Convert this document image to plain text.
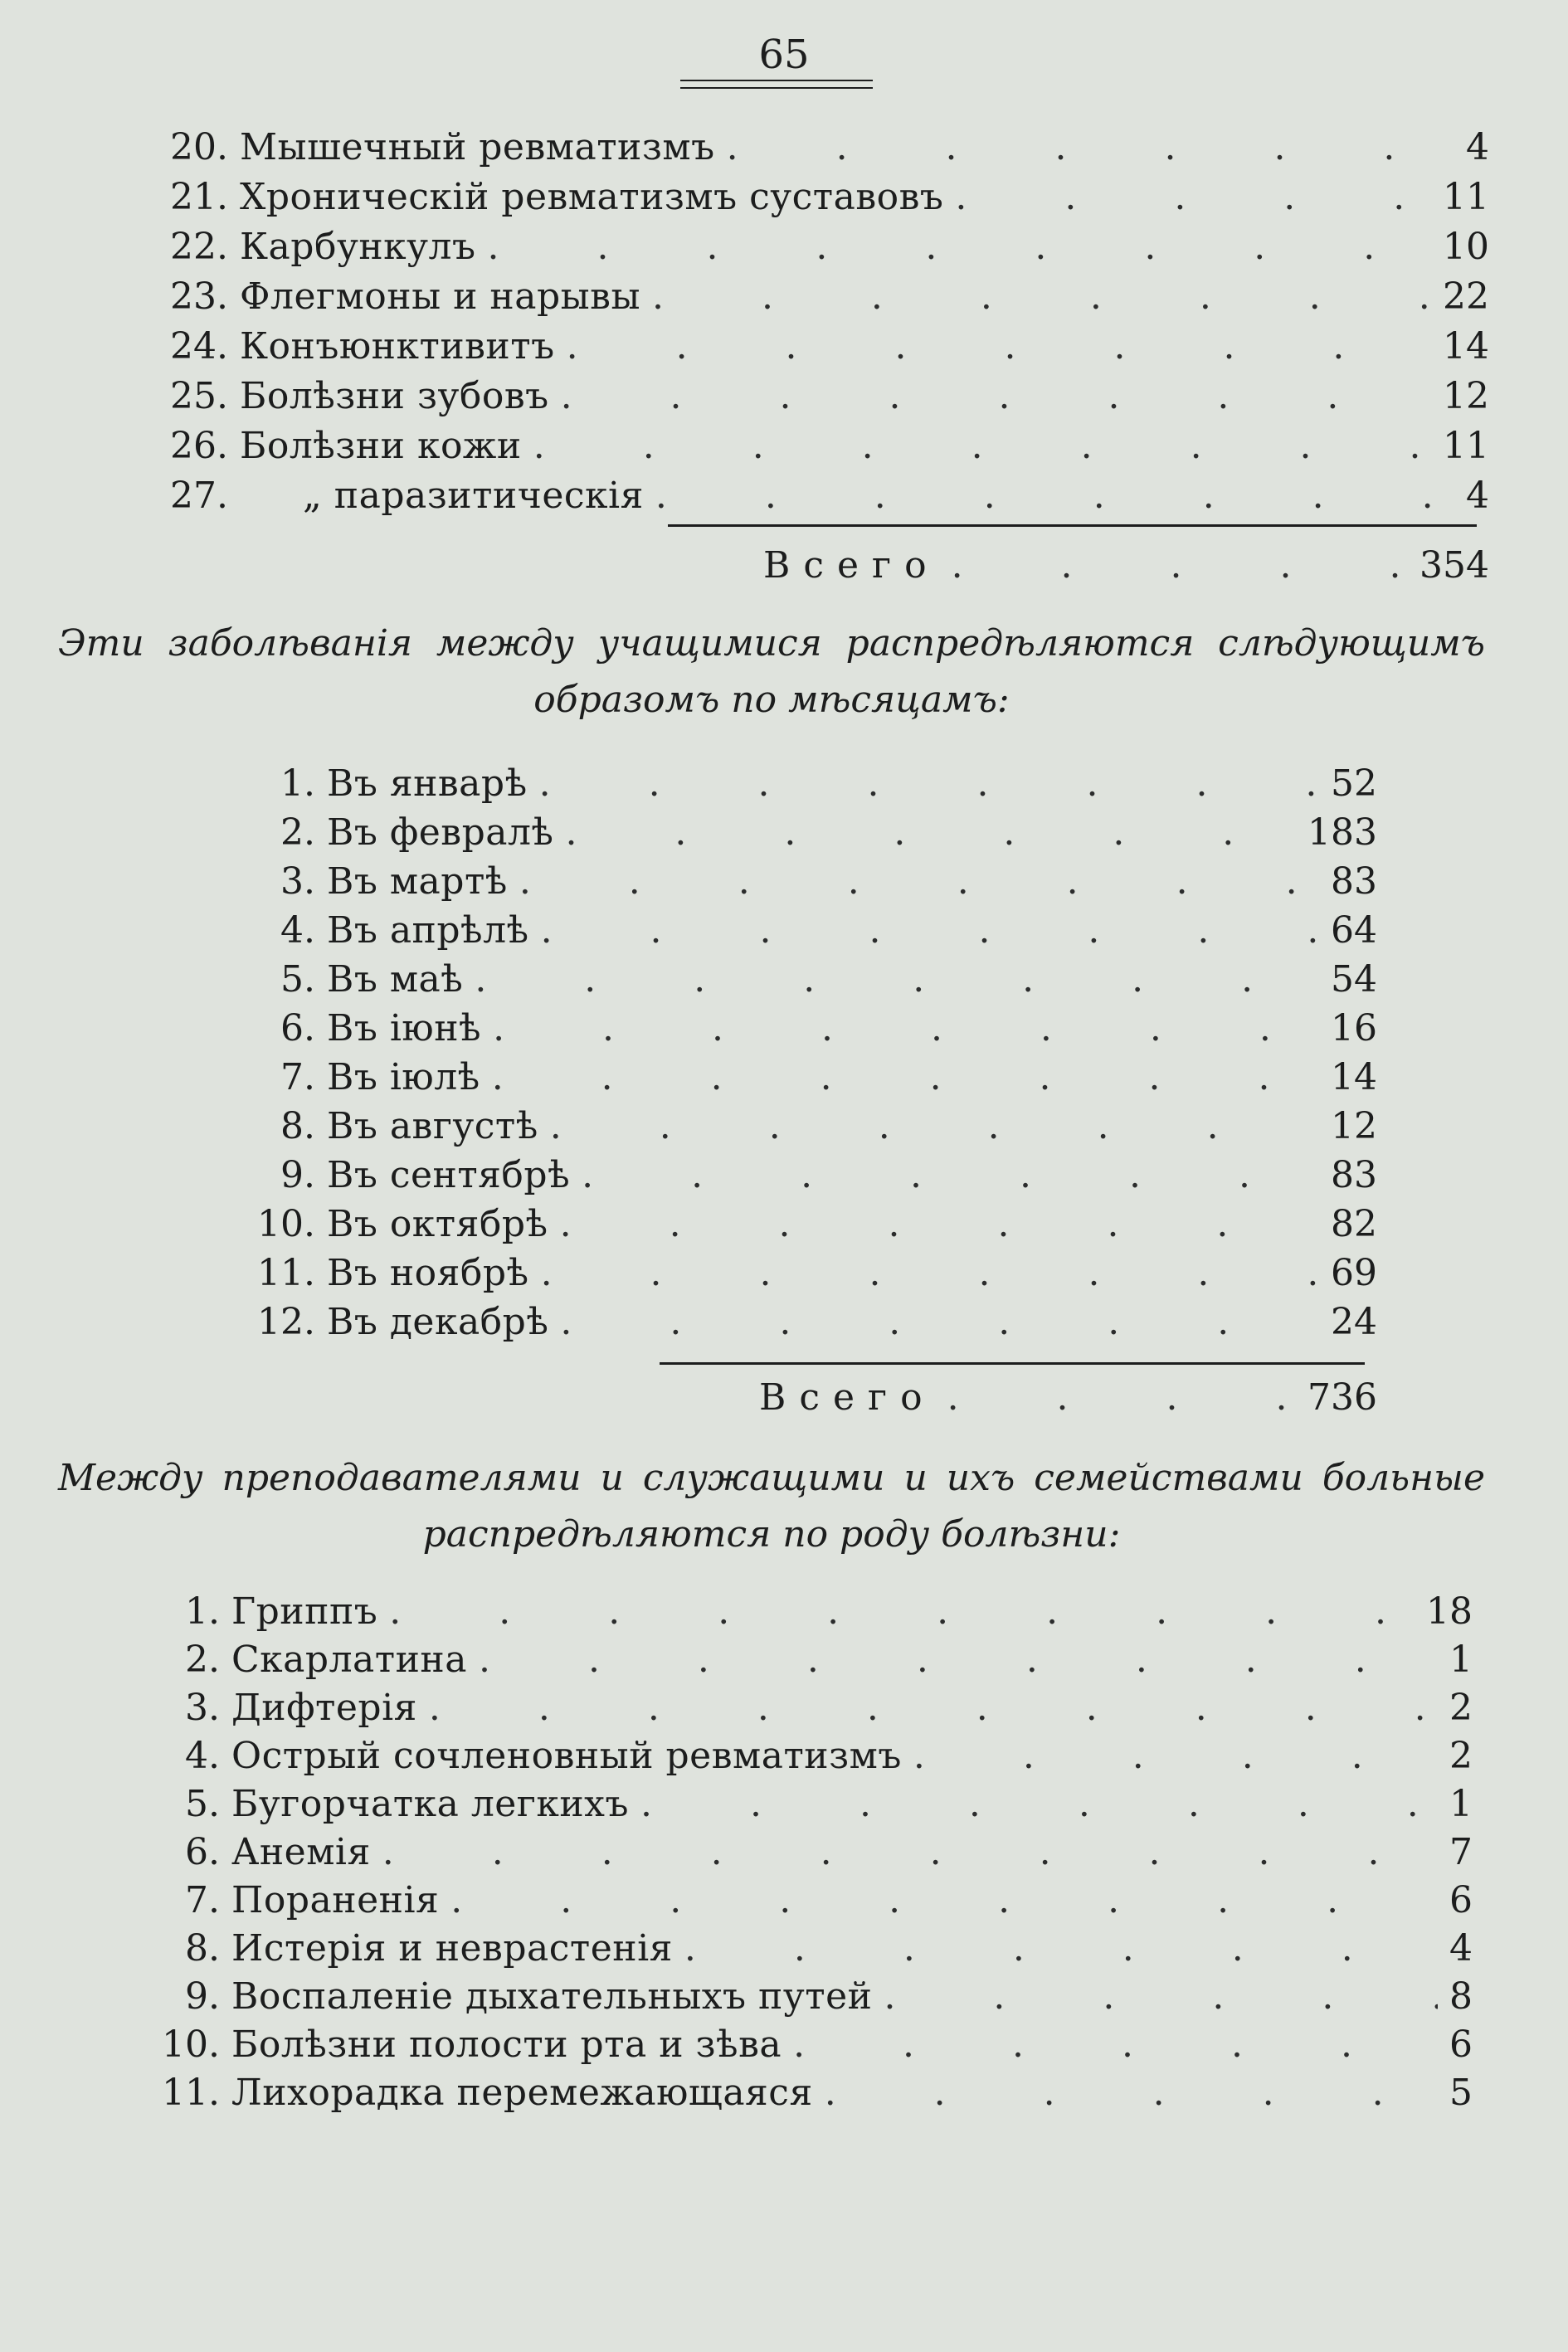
65
20. Мышечный ревматизмъ . . .	4
21. Хроническій ревматизмъ суставовъ . . .	11
22. Карбункулъ . . .	10
23. Флегмоны и нарывы . . .	22
24. Конъюнктивитъ . . .	14
25. Болѣзни зубовъ . . .	12
26. Болѣзни кожи . . .	11
27.	„ паразитическія . . .	4
Всего . . .	354
Эти заболѣванія между учащимися распредѣляются слѣдующимъ образомъ по мѣсяцамъ:
1. Въ январѣ . . .	52
2. Въ февралѣ . . .	183
3. Въ мартѣ . . .	83
4. Въ апрѣлѣ . . .	64
5. Въ маѣ . . .	54
6. Въ іюнѣ . . .	16
7. Въ іюлѣ . . .	14
8. Въ августѣ . . .	12
9. Въ сентябрѣ . . .	83
10. Въ октябрѣ . . .	82
11. Въ ноябрѣ . . .	69
12. Въ декабрѣ . . .	24
Всего . . .	736
Между преподавателями и служащими и ихъ семействами больные распредѣляются по роду болѣзни:
1. Гриппъ . . .	18
2. Скарлатина . . .	1
3. Дифтерія . . .	2
4. Острый сочленовный ревматизмъ . . .	2
5. Бугорчатка легкихъ . . .	1
6. Анемія . . .	7
7. Пораненія . . .	6
8. Истерія и неврастенія . . .	4
9. Воспаленіе дыхательныхъ путей . . .	8
10. Болѣзни полости рта и зѣва . . .	6
11. Лихорадка перемежающаяся . . .	5
